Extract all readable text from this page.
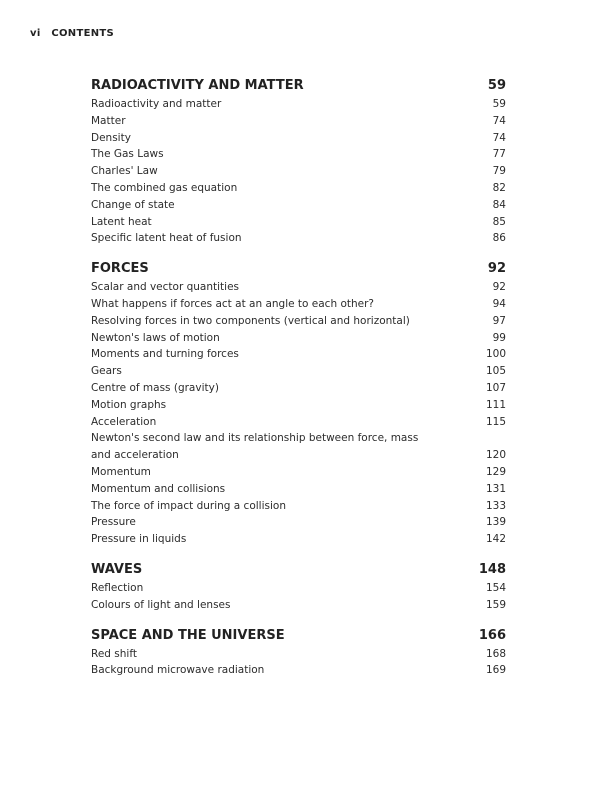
vi CONTENTS
RADIOACTIVITY AND MATTER	59
Radioactivity and matter	59
Matter	74
Density	74
The Gas Laws	77
Charles' Law	79
The combined gas equation	82
Change of state	84
Latent heat	85
Specific latent heat of fusion	86
FORCES	92
Scalar and vector quantities	92
What happens if forces act at an angle to each other?	94
Resolving forces in two components (vertical and horizontal)	97
Newton's laws of motion	99
Moments and turning forces	100
Gears	105
Centre of mass (gravity)	107
Motion graphs	111
Acceleration	115
Newton's second law and its relationship between force, mass and acceleration	120
Momentum	129
Momentum and collisions	131
The force of impact during a collision	133
Pressure	139
Pressure in liquids	142
WAVES	148
Reflection	154
Colours of light and lenses	159
SPACE AND THE UNIVERSE	166
Red shift	168
Background microwave radiation	169
